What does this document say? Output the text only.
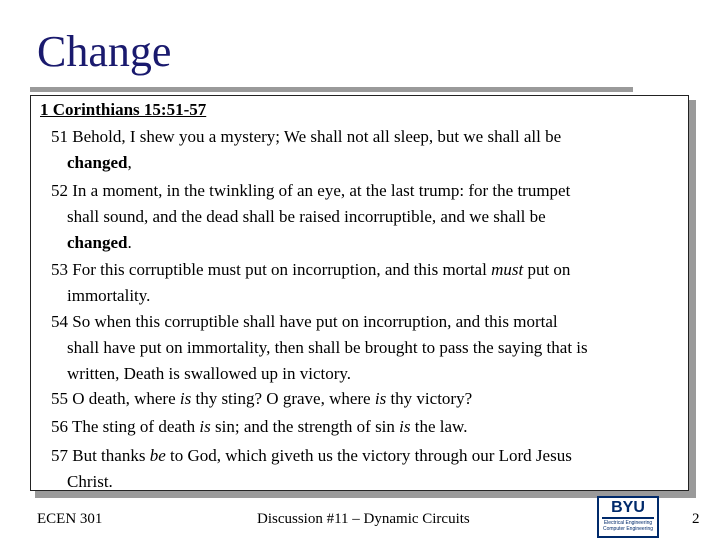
Change
1 Corinthians 15:51-57
51 Behold, I shew you a mystery; We shall not all sleep, but we shall all be
changed,
52 In a moment, in the twinkling of an eye, at the last trump: for the trumpet
shall sound, and the dead shall be raised incorruptible, and we shall be
changed.
53 For this corruptible must put on incorruption, and this mortal must put on
immortality.
54 So when this corruptible shall have put on incorruption, and this mortal
shall have put on immortality, then shall be brought to pass the saying that is
written, Death is swallowed up in victory.
55 O death, where is thy sting? O grave, where is thy victory?
56 The sting of death is sin; and the strength of sin is the law.
57 But thanks be to God, which giveth us the victory through our Lord Jesus
Christ.
ECEN 301	Discussion #11 – Dynamic Circuits
BYU
Electrical Engineering
Computer Engineering
2
